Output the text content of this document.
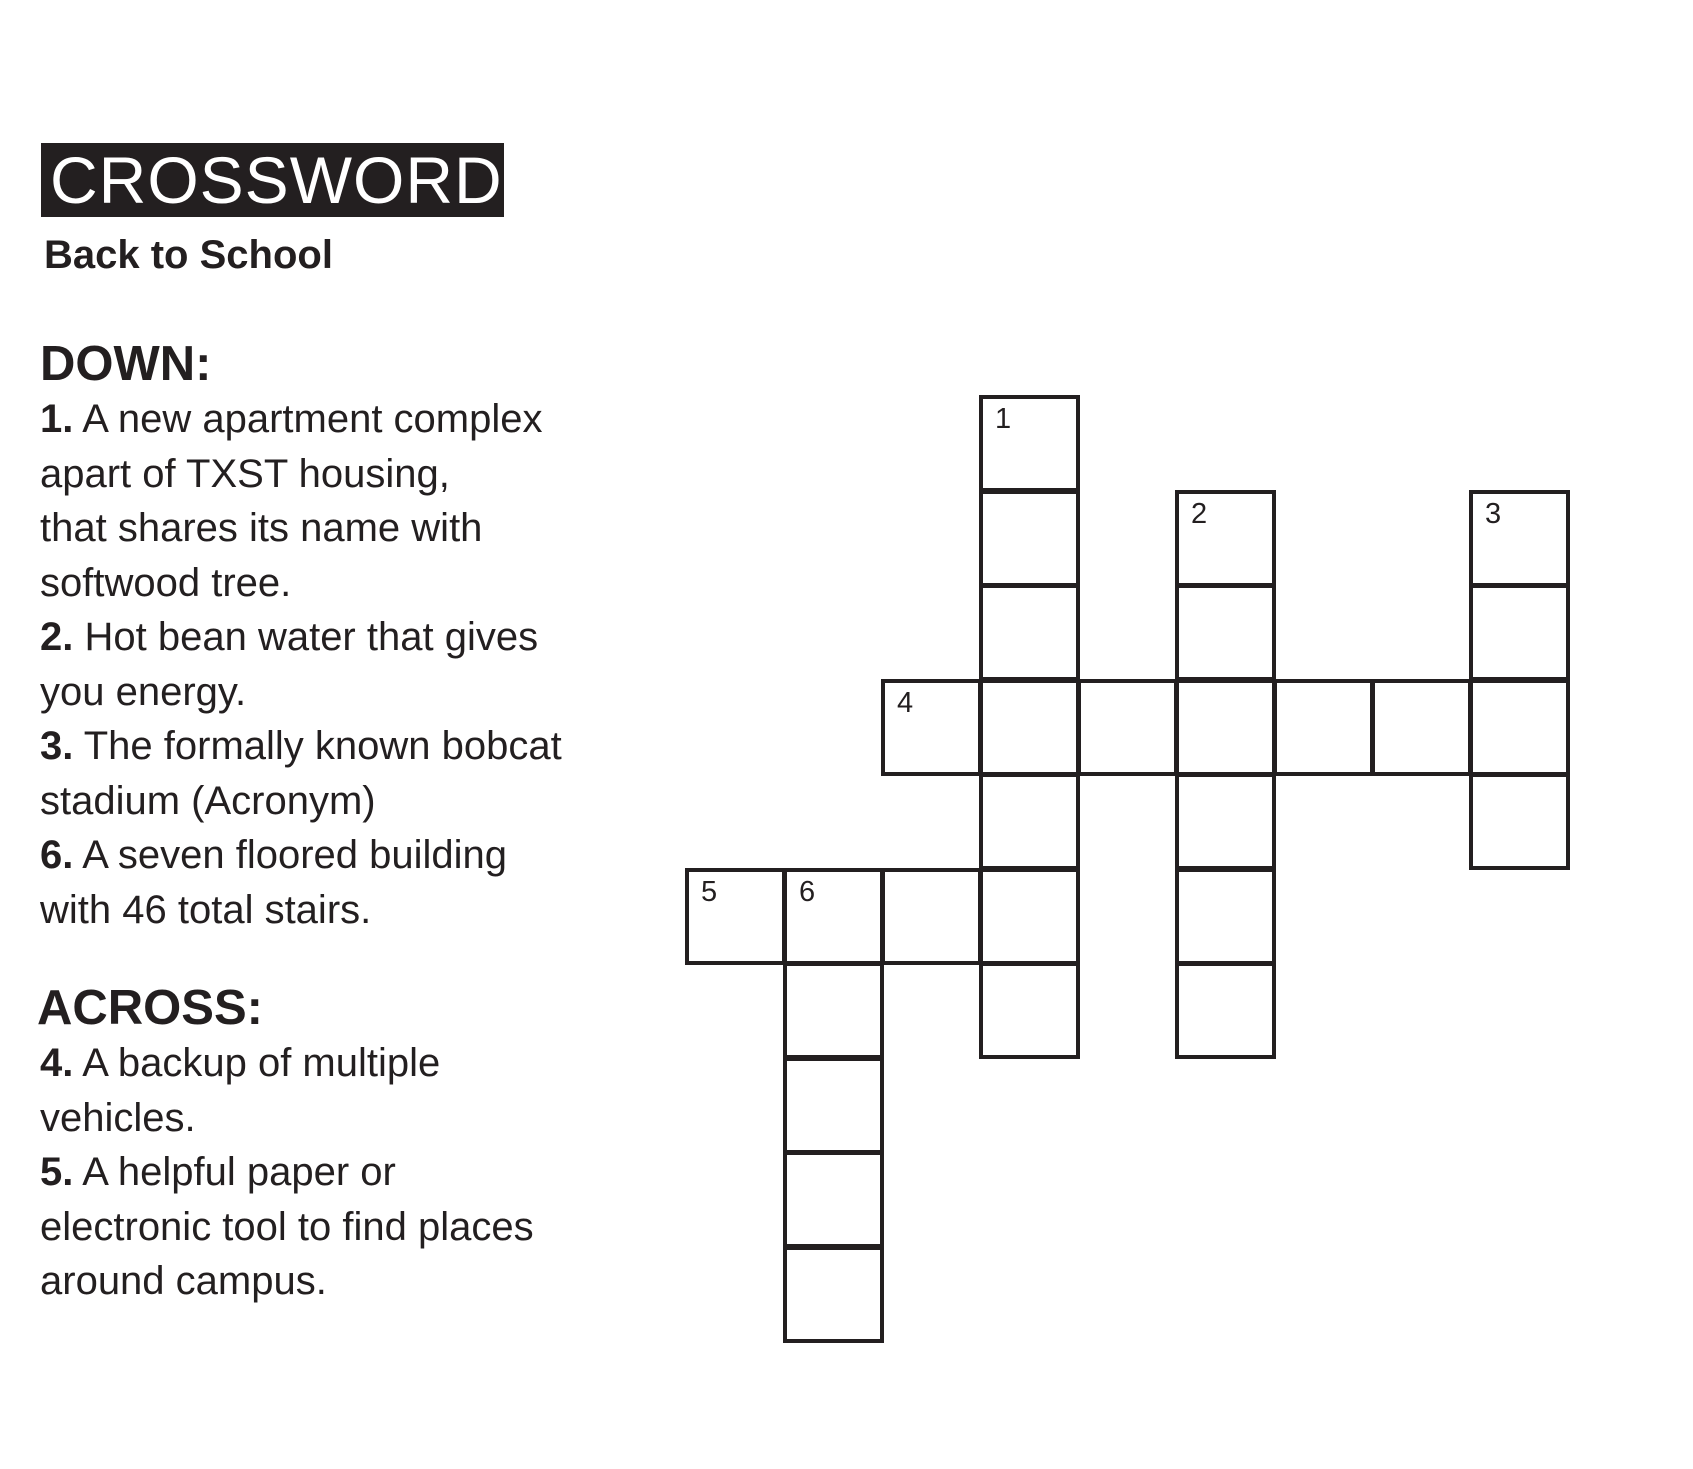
CROSSWORD
Back to School
DOWN:
1. A new apartment complex
apart of TXST housing,
that shares its name with
softwood tree.
2. Hot bean water that gives
you energy.
3. The formally known bobcat
stadium (Acronym)
6. A seven floored building
with 46 total stairs.
ACROSS:
4. A backup of multiple
vehicles.
5. A helpful paper or
electronic tool to find places
around campus.
1
2	3
4
5	6
